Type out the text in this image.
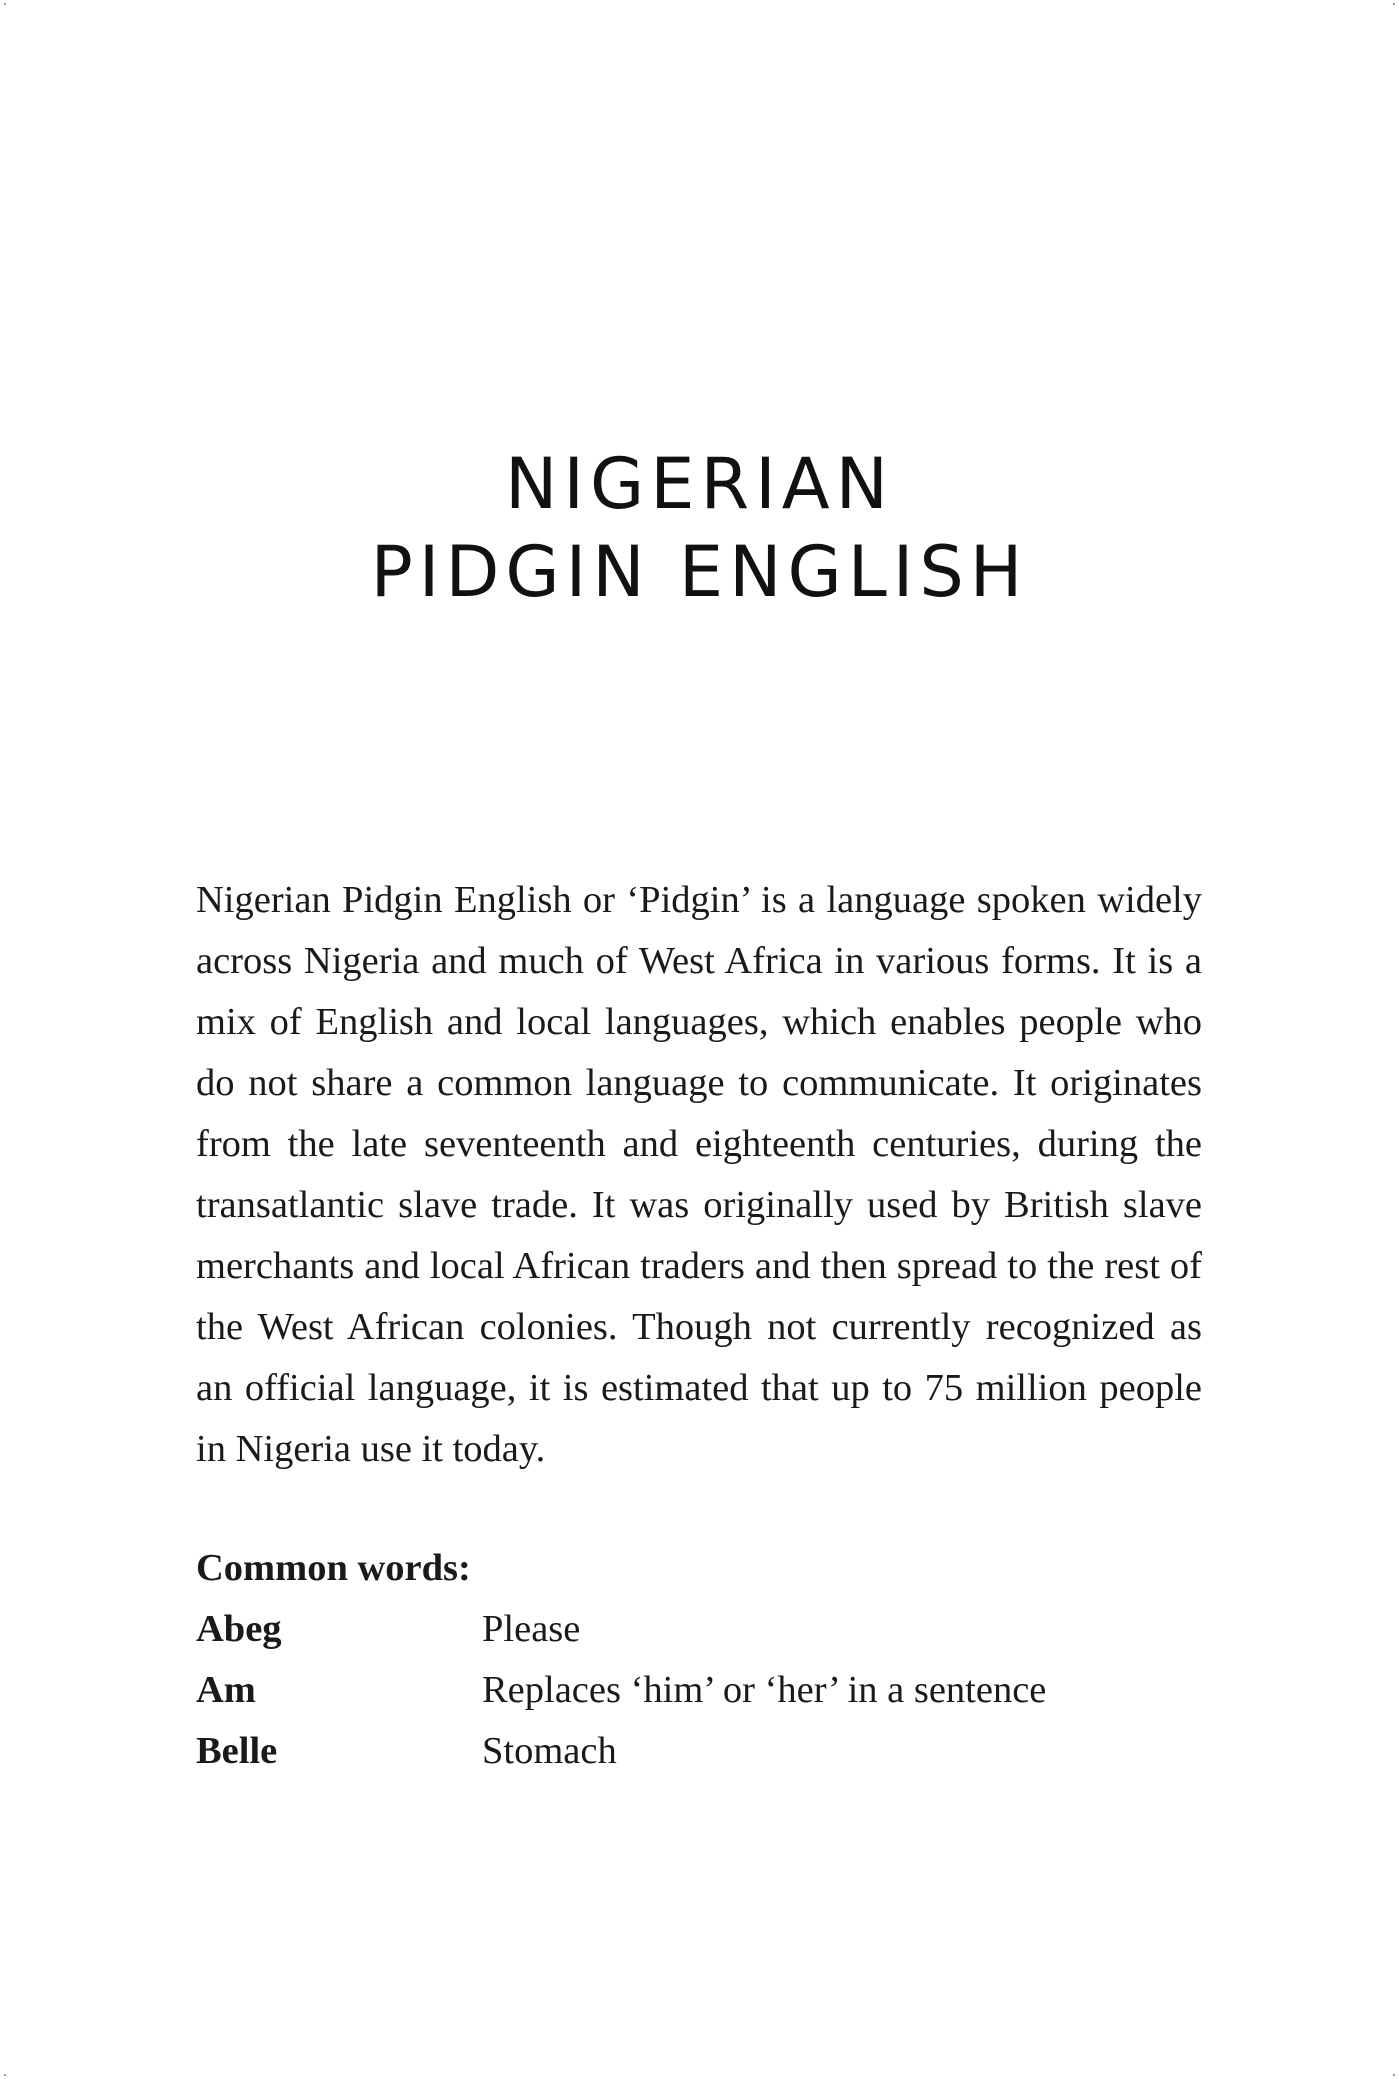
NIGERIAN
PIDGIN ENGLISH

Nigerian Pidgin English or ‘Pidgin’ is a language spoken widely across Nigeria and much of West Africa in various forms. It is a mix of English and local languages, which enables people who do not share a common language to communicate. It originates from the late seventeenth and eighteenth centuries, during the transatlantic slave trade. It was originally used by British slave merchants and local African traders and then spread to the rest of the West African colonies. Though not currently recognized as an official language, it is estimated that up to 75 million people in Nigeria use it today.

Common words:
Abeg	Please
Am	Replaces ‘him’ or ‘her’ in a sentence
Belle	Stomach
